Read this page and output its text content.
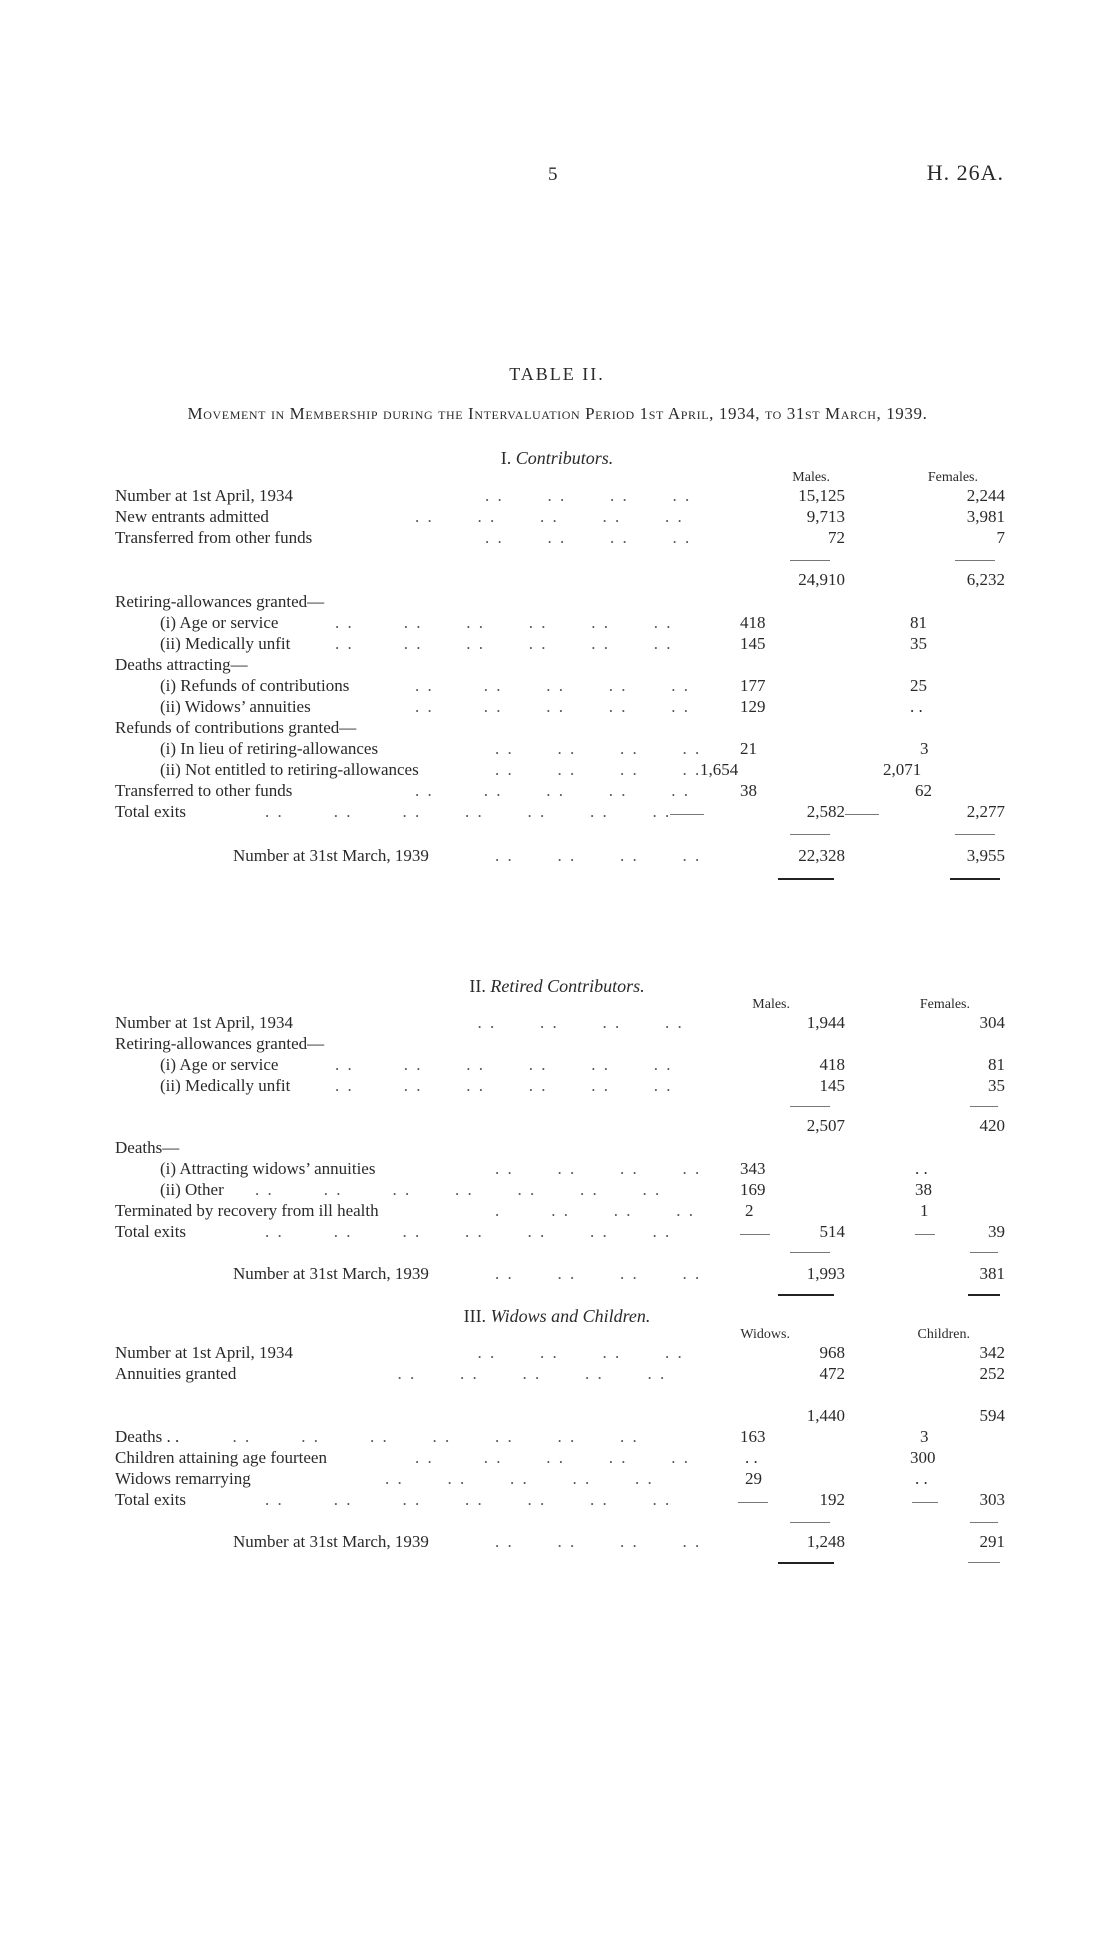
5	H. 26A.
TABLE II.
Movement in Membership during the Intervaluation Period 1st April, 1934, to 31st March, 1939.
I. Contributors.
Males.	Females.
. .       . .       . .       . .
Number at 1st April, 1934	15,125	2,244
. .       . .       . .       . .       . .
New entrants admitted	9,713	3,981
. .       . .       . .       . .
Transferred from other funds	72	7
24,910	6,232
Retiring-allowances granted—
. .        . .       . .       . .       . .       . .
(i) Age or service	418	81
. .        . .       . .       . .       . .       . .
(ii) Medically unfit	145	35
Deaths attracting—
. .        . .       . .       . .       . .
(i) Refunds of contributions	177	25
. .        . .       . .       . .       . .
(ii) Widows’ annuities	129	. .
Refunds of contributions granted—
. .       . .       . .       . .
(i) In lieu of retiring-allowances	21	3
. .       . .       . .       . .
(ii) Not entitled to retiring-allowances	1,654	2,071
. .        . .       . .       . .       . .
Transferred to other funds	38	62
. .        . .        . .       . .       . .       . .       . .
Total exits	2,582	2,277
. .       . .       . .       . .
Number at 31st March, 1939	22,328	3,955
II. Retired Contributors.
Males.	Females.
. .       . .       . .       . .
Number at 1st April, 1934	1,944	304
Retiring-allowances granted—
. .        . .       . .       . .       . .       . .
(i) Age or service	418	81
. .        . .       . .       . .       . .       . .
(ii) Medically unfit	145	35
2,507	420
Deaths—
. .       . .       . .       . .
(i) Attracting widows’ annuities	343	. .
. .        . .        . .       . .       . .       . .       . .
(ii) Other	169	38
.        . .       . .       . .
Terminated by recovery from ill health	2	1
. .        . .        . .       . .       . .       . .       . .
Total exits	514	39
. .       . .       . .       . .
Number at 31st March, 1939	1,993	381
III. Widows and Children.
Widows.	Children.
. .       . .       . .       . .
Number at 1st April, 1934	968	342
. .       . .       . .       . .       . .
Annuities granted	472	252
1,440	594
. .        . .        . .       . .       . .       . .       . .
Deaths . .	163	3
. .        . .       . .       . .       . .
Children attaining age fourteen	. .	300
. .       . .       . .       . .       . .
Widows remarrying	29	. .
. .        . .        . .       . .       . .       . .       . .
Total exits	192	303
. .       . .       . .       . .
Number at 31st March, 1939	1,248	291
